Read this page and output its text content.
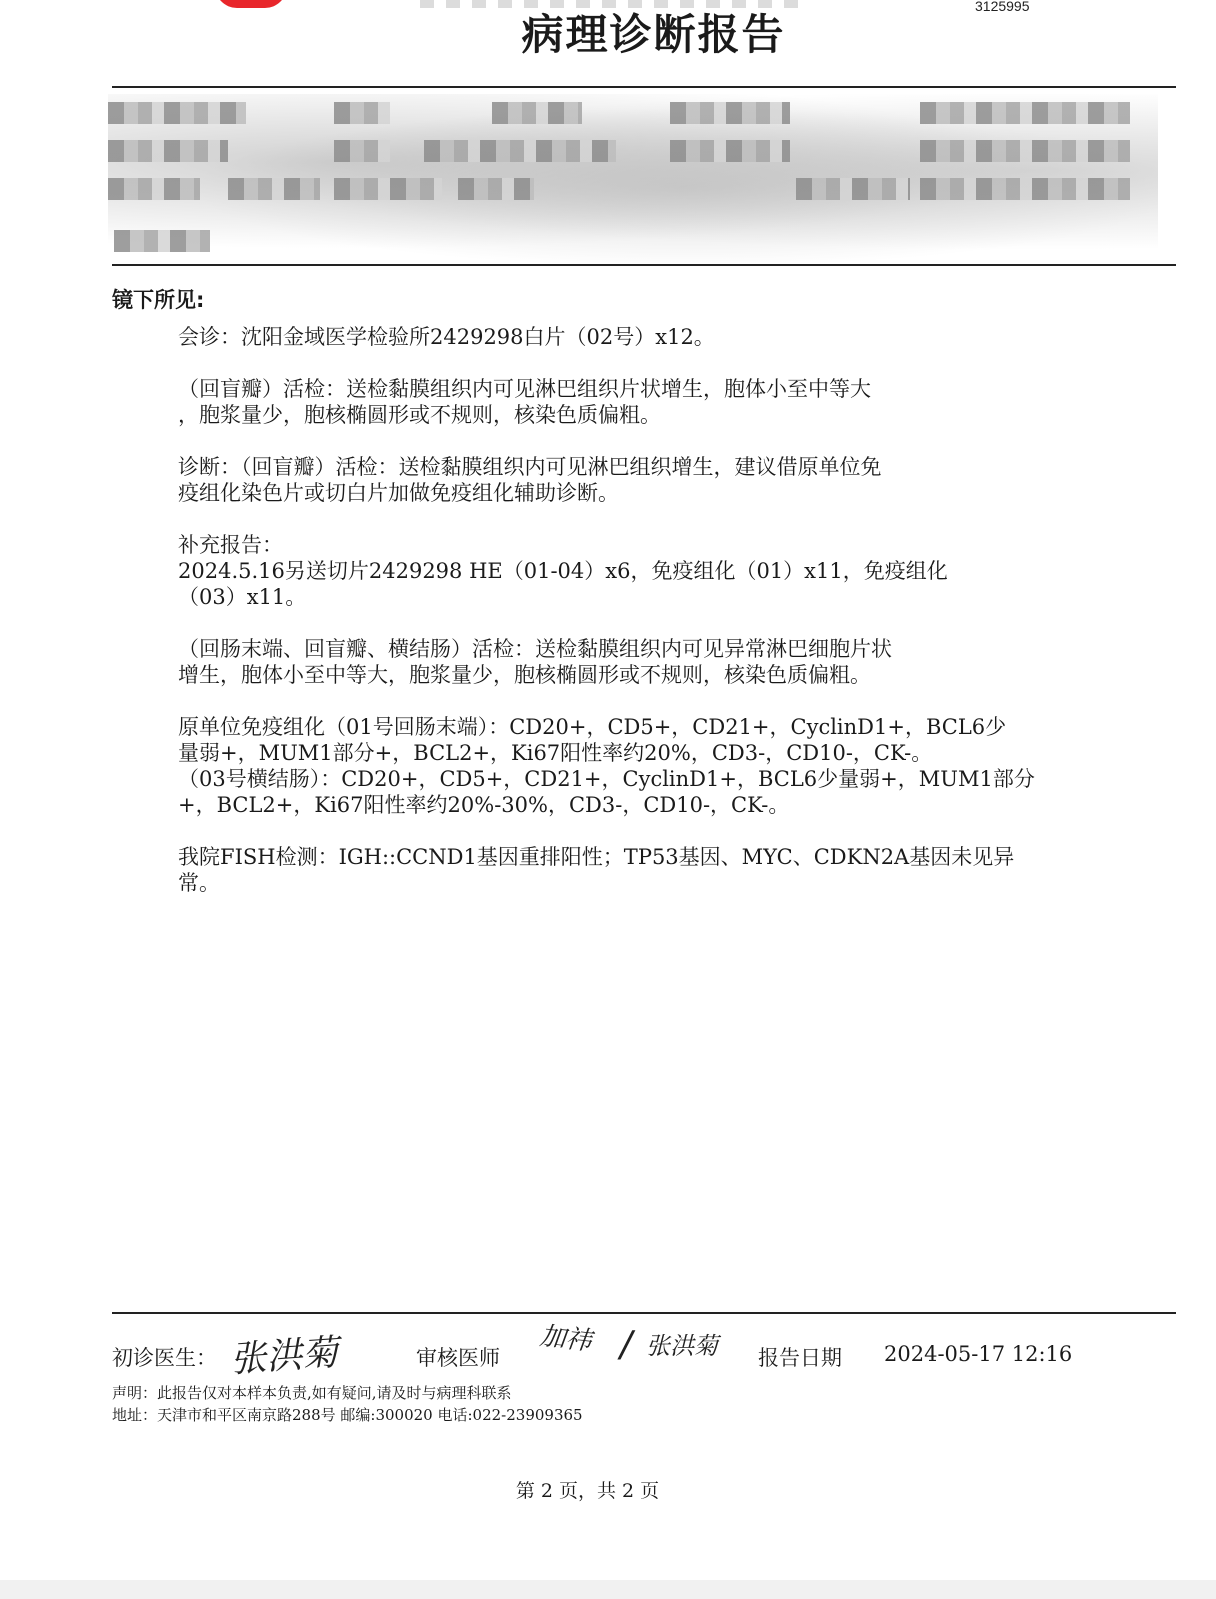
3125995
病理诊断报告
镜下所见:

会诊：沈阳金域医学检验所2429298白片（02号）x12。

（回盲瓣）活检：送检黏膜组织内可见淋巴组织片状增生，胞体小至中等大
，胞浆量少，胞核椭圆形或不规则，核染色质偏粗。

诊断：（回盲瓣）活检：送检黏膜组织内可见淋巴组织增生，建议借原单位免
疫组化染色片或切白片加做免疫组化辅助诊断。

补充报告：
2024.5.16另送切片2429298 HE（01-04）x6，免疫组化（01）x11，免疫组化
（03）x11。

（回肠末端、回盲瓣、横结肠）活检：送检黏膜组织内可见异常淋巴细胞片状
增生，胞体小至中等大，胞浆量少，胞核椭圆形或不规则，核染色质偏粗。

原单位免疫组化（01号回肠末端）：CD20+，CD5+，CD21+，CyclinD1+，BCL6少
量弱+，MUM1部分+，BCL2+，Ki67阳性率约20%，CD3-，CD10-，CK-。
（03号横结肠）：CD20+，CD5+，CD21+，CyclinD1+，BCL6少量弱+，MUM1部分
+，BCL2+，Ki67阳性率约20%-30%，CD3-，CD10-，CK-。

我院FISH检测：IGH::CCND1基因重排阳性；TP53基因、MYC、CDKN2A基因未见异
常。

初诊医生： 张洪菊	审核医师
加祎 / 张洪菊 报告日期 2024-05-17 12:16
声明：此报告仅对本样本负责,如有疑问,请及时与病理科联系
地址：天津市和平区南京路288号 邮编:300020 电话:022-23909365
第 2 页，共 2 页
